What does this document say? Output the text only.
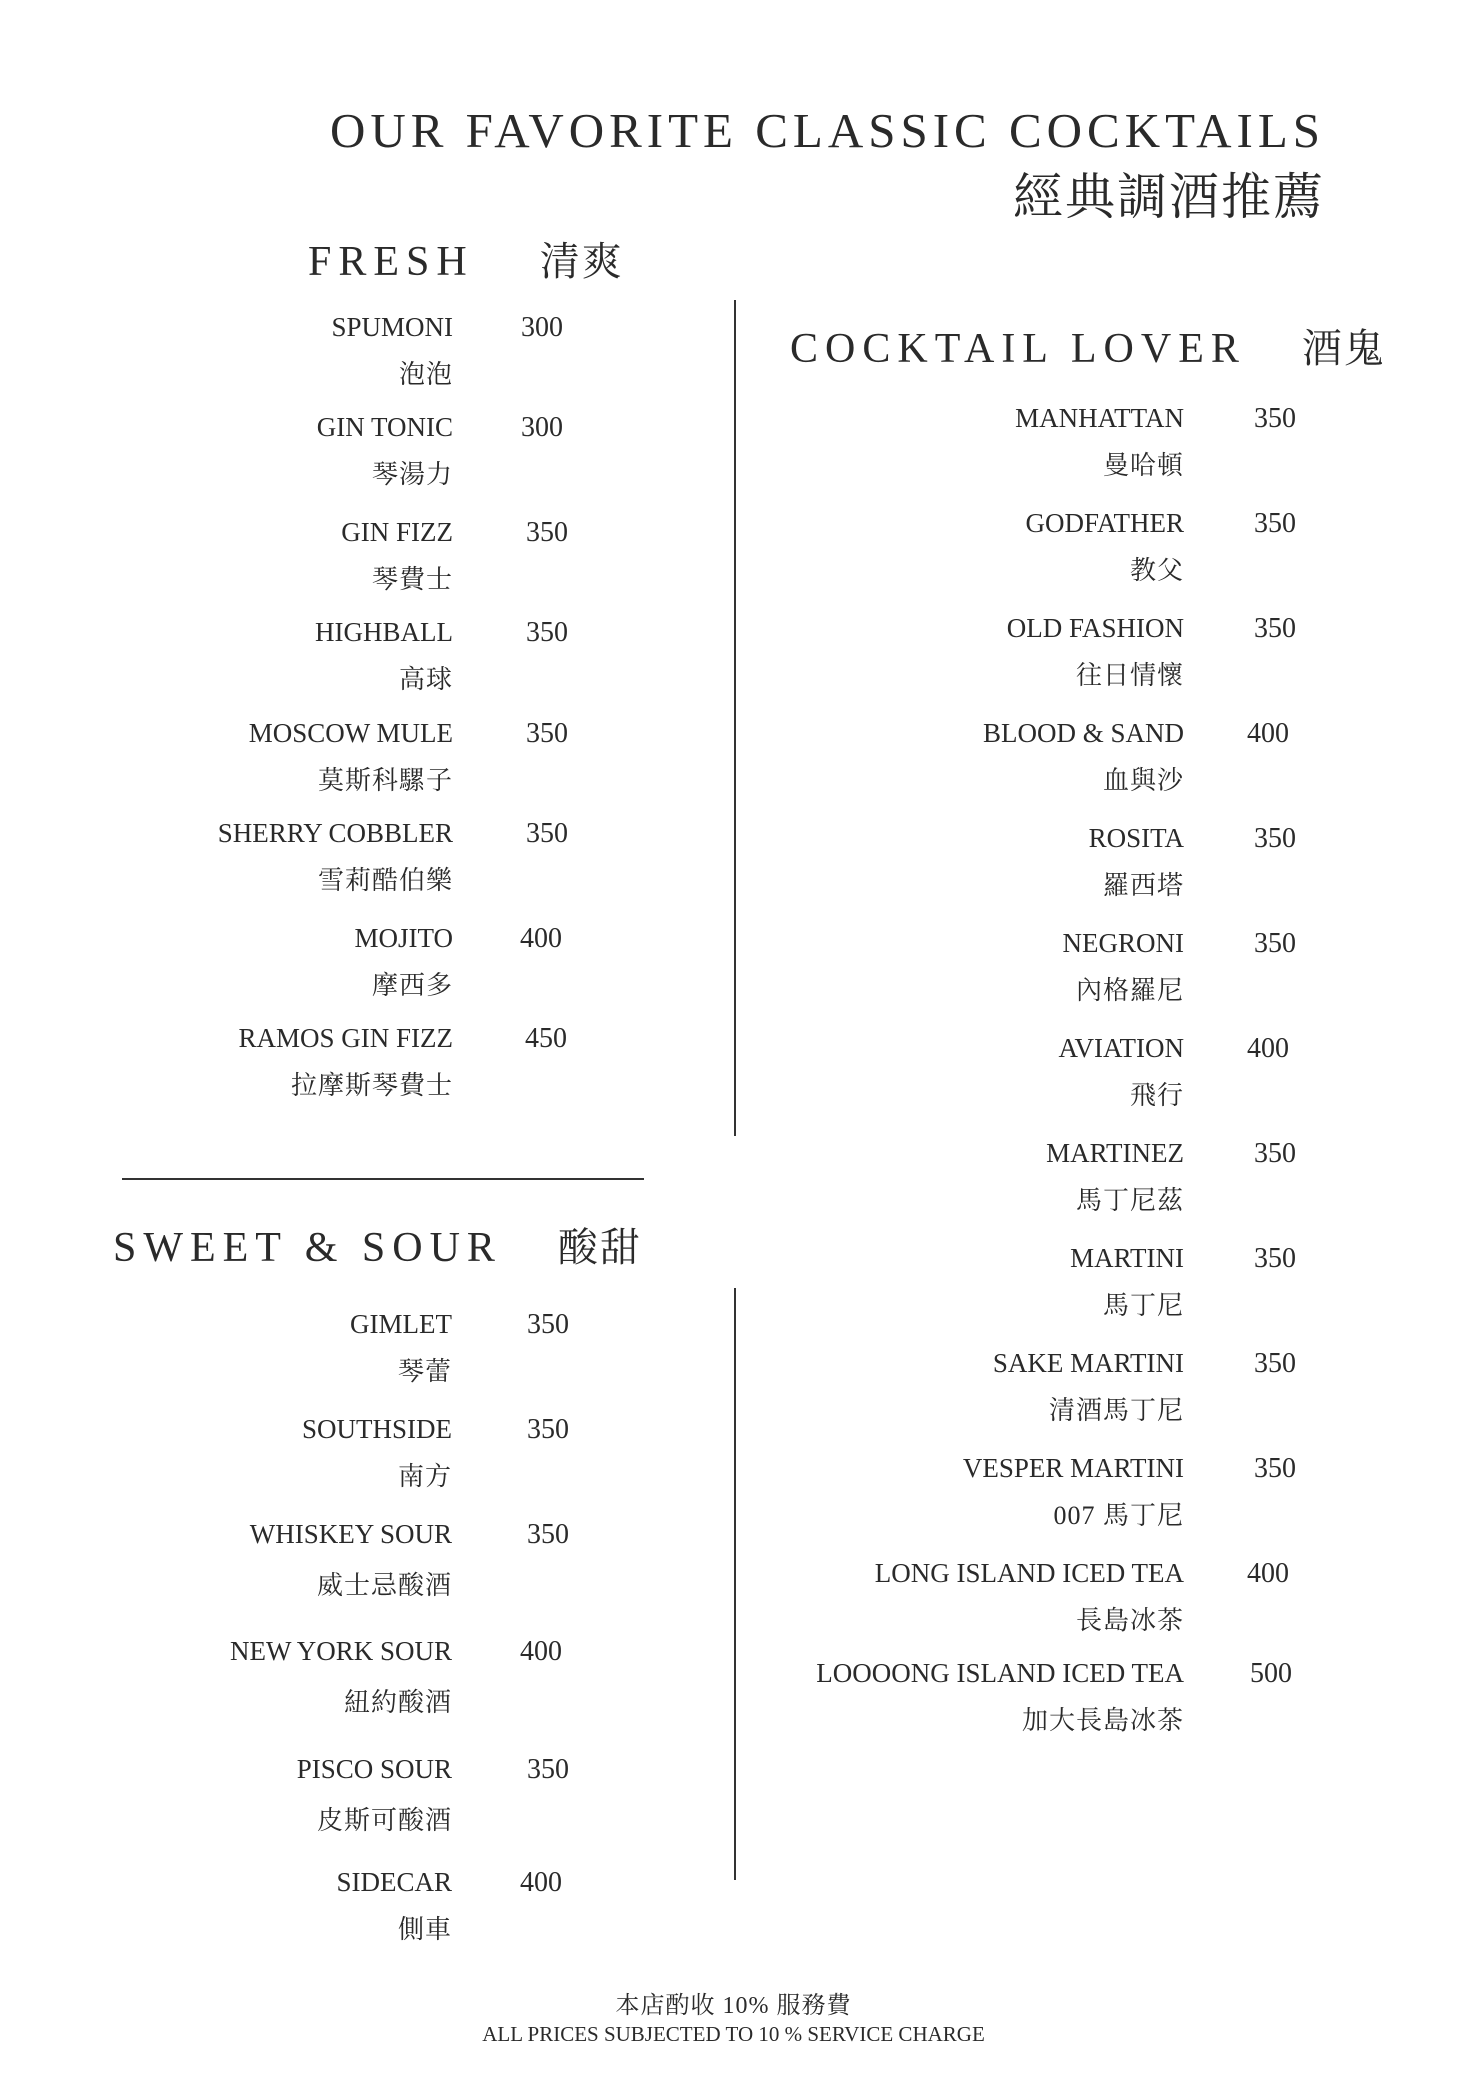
OUR FAVORITE CLASSIC COCKTAILS
經典調酒推薦
FRESH 清爽
SWEET & SOUR 酸甜
COCKTAIL LOVER 酒鬼
SPUMONI
泡泡
300
GIN TONIC
琴湯力
300
GIN FIZZ
琴費士
350
HIGHBALL
高球
350
MOSCOW MULE
莫斯科騾子
350
SHERRY COBBLER
雪莉酷伯樂
350
MOJITO
摩西多
400
RAMOS GIN FIZZ
拉摩斯琴費士
450
GIMLET
琴蕾
350
SOUTHSIDE
南方
350
WHISKEY SOUR
威士忌酸酒
350
NEW YORK SOUR
紐約酸酒
400
PISCO SOUR
皮斯可酸酒
350
SIDECAR
側車
400
MANHATTAN
曼哈頓
350
GODFATHER
教父
350
OLD FASHION
往日情懷
350
BLOOD & SAND
血與沙
400
ROSITA
羅西塔
350
NEGRONI
內格羅尼
350
AVIATION
飛行
400
MARTINEZ
馬丁尼茲
350
MARTINI
馬丁尼
350
SAKE MARTINI
清酒馬丁尼
350
VESPER MARTINI
007 馬丁尼
350
LONG ISLAND ICED TEA
長島冰茶
400
LOOOONG ISLAND ICED TEA
加大長島冰茶
500
本店酌收 10% 服務費
ALL PRICES SUBJECTED TO 10 % SERVICE CHARGE
